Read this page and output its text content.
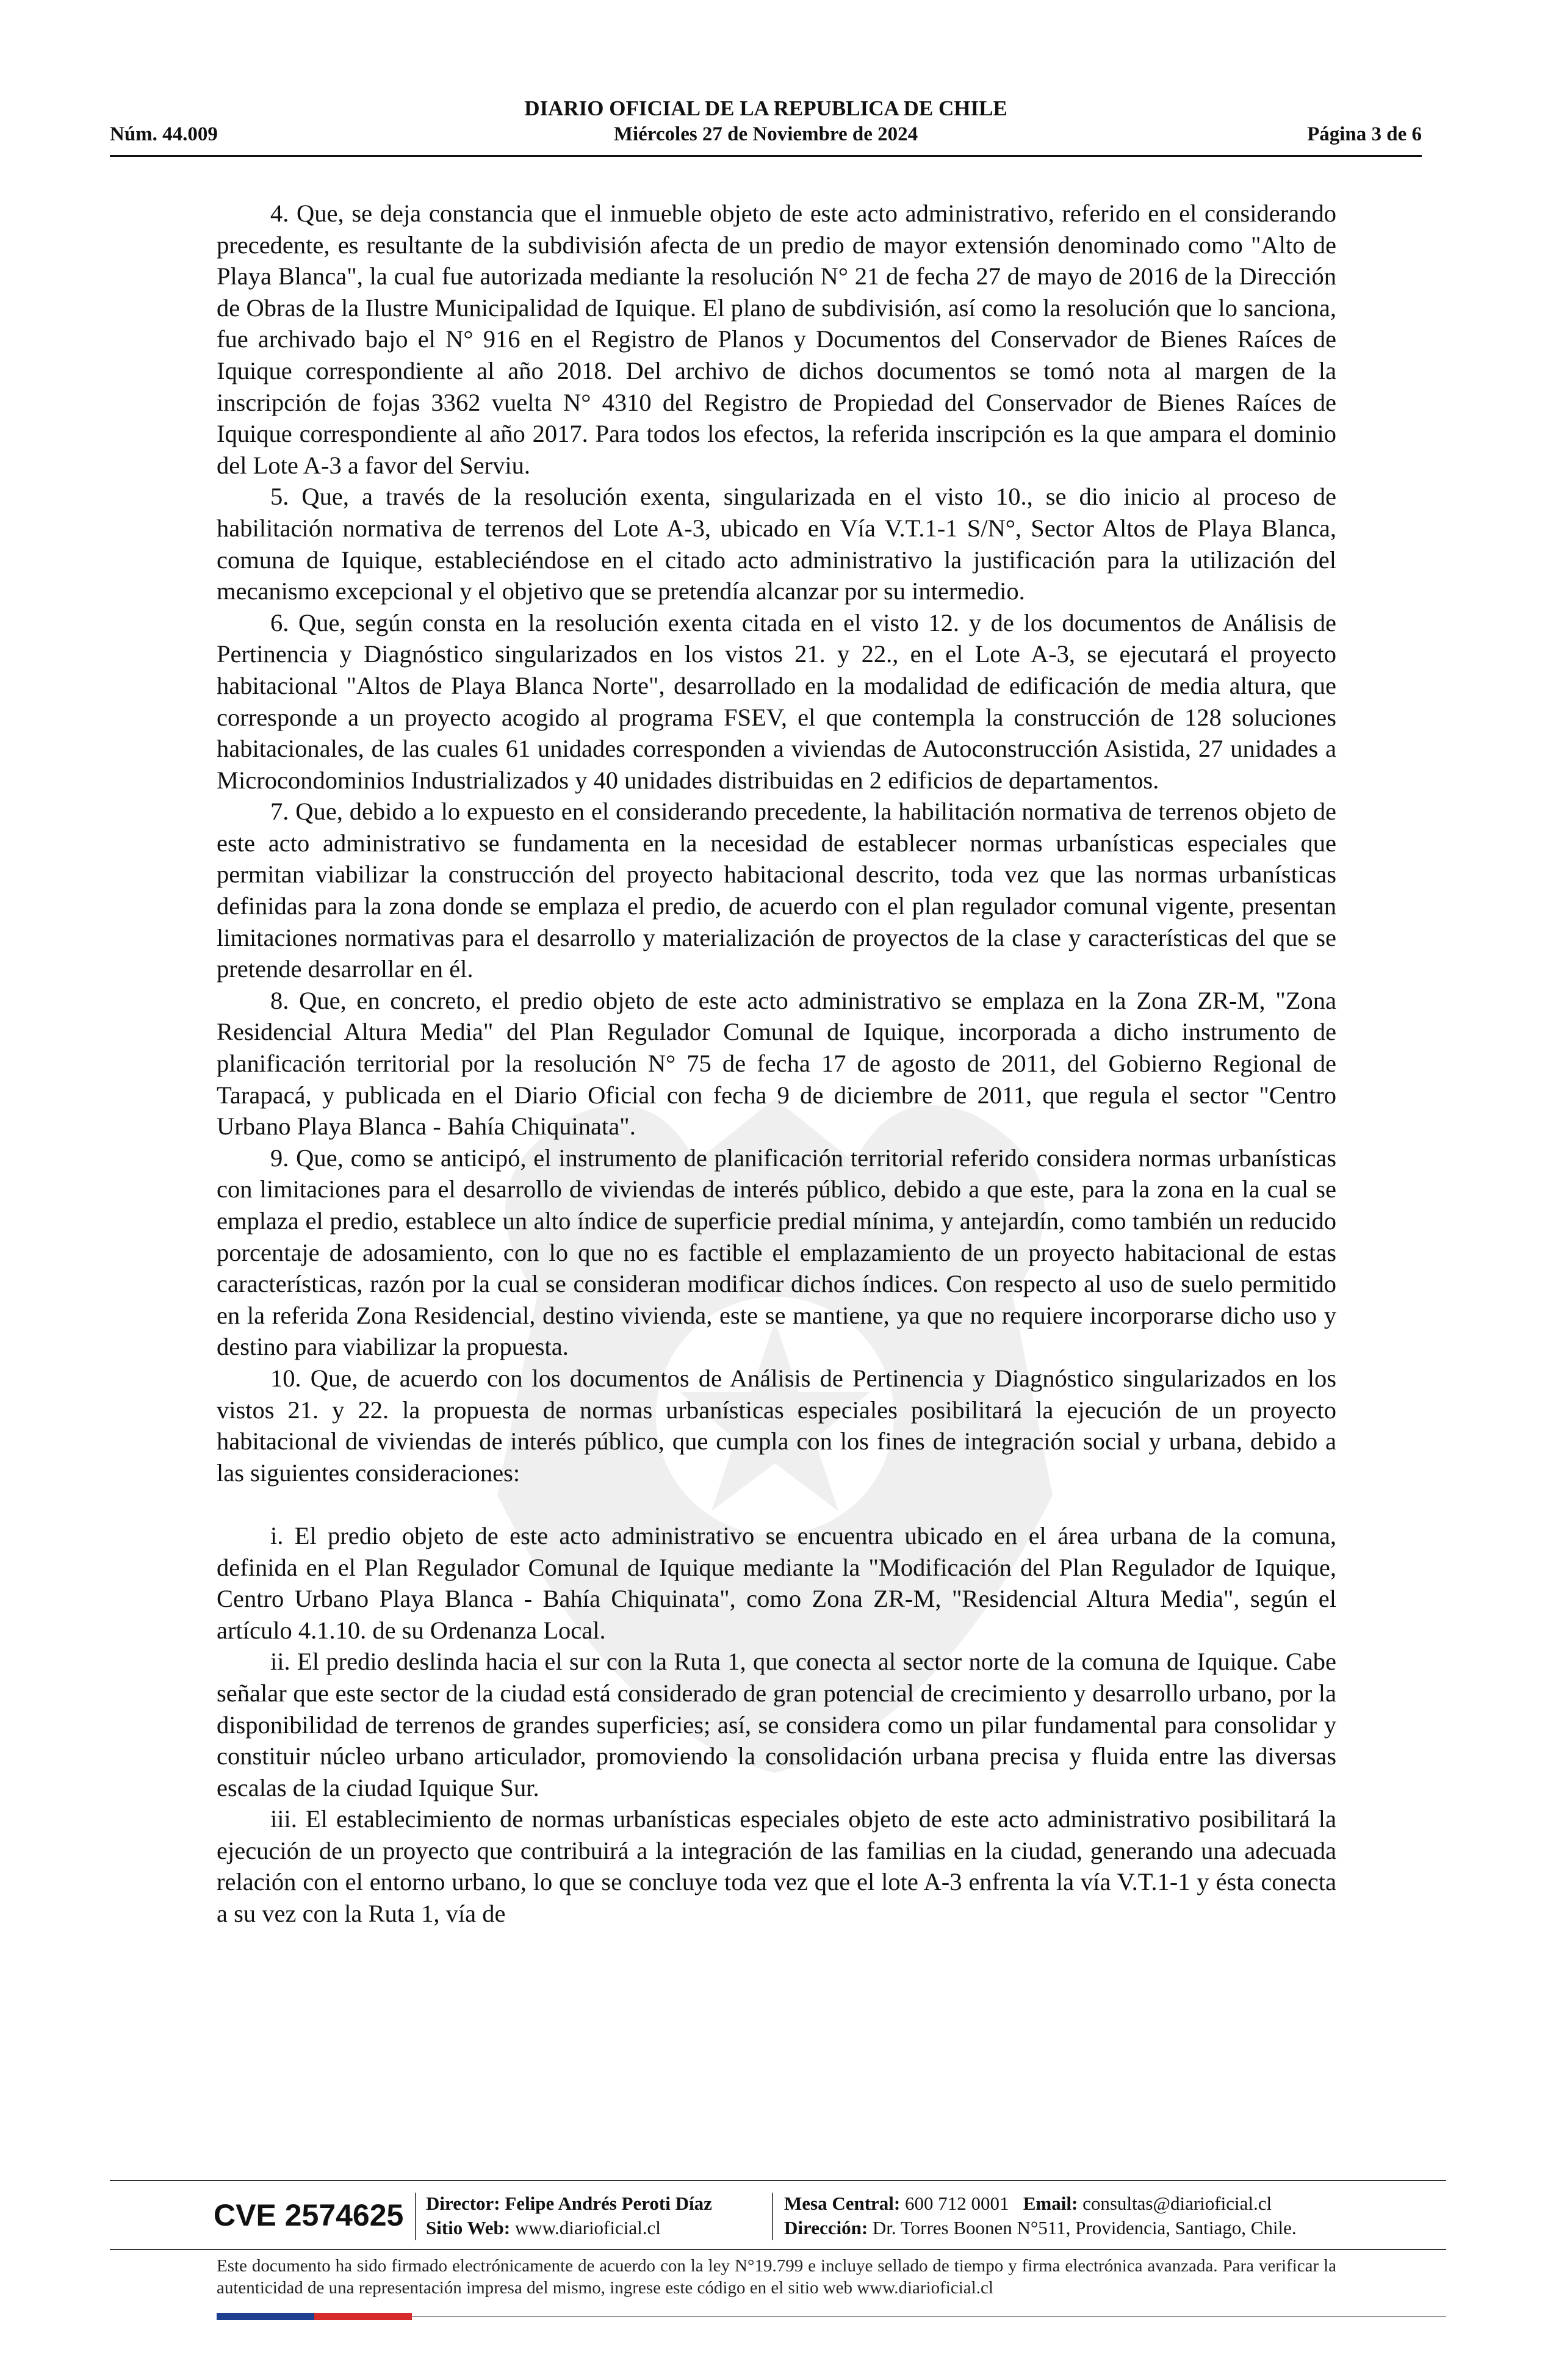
DIARIO OFICIAL DE LA REPUBLICA DE CHILE
Núm. 44.009	Miércoles 27 de Noviembre de 2024	Página 3 de 6

4. Que, se deja constancia que el inmueble objeto de este acto administrativo, referido en el considerando precedente, es resultante de la subdivisión afecta de un predio de mayor extensión denominado como "Alto de Playa Blanca", la cual fue autorizada mediante la resolución N° 21 de fecha 27 de mayo de 2016 de la Dirección de Obras de la Ilustre Municipalidad de Iquique. El plano de subdivisión, así como la resolución que lo sanciona, fue archivado bajo el N° 916 en el Registro de Planos y Documentos del Conservador de Bienes Raíces de Iquique correspondiente al año 2018. Del archivo de dichos documentos se tomó nota al margen de la inscripción de fojas 3362 vuelta N° 4310 del Registro de Propiedad del Conservador de Bienes Raíces de Iquique correspondiente al año 2017. Para todos los efectos, la referida inscripción es la que ampara el dominio del Lote A-3 a favor del Serviu.

5. Que, a través de la resolución exenta, singularizada en el visto 10., se dio inicio al proceso de habilitación normativa de terrenos del Lote A-3, ubicado en Vía V.T.1-1 S/N°, Sector Altos de Playa Blanca, comuna de Iquique, estableciéndose en el citado acto administrativo la justificación para la utilización del mecanismo excepcional y el objetivo que se pretendía alcanzar por su intermedio.

6. Que, según consta en la resolución exenta citada en el visto 12. y de los documentos de Análisis de Pertinencia y Diagnóstico singularizados en los vistos 21. y 22., en el Lote A-3, se ejecutará el proyecto habitacional "Altos de Playa Blanca Norte", desarrollado en la modalidad de edificación de media altura, que corresponde a un proyecto acogido al programa FSEV, el que contempla la construcción de 128 soluciones habitacionales, de las cuales 61 unidades corresponden a viviendas de Autoconstrucción Asistida, 27 unidades a Microcondominios Industrializados y 40 unidades distribuidas en 2 edificios de departamentos.

7. Que, debido a lo expuesto en el considerando precedente, la habilitación normativa de terrenos objeto de este acto administrativo se fundamenta en la necesidad de establecer normas urbanísticas especiales que permitan viabilizar la construcción del proyecto habitacional descrito, toda vez que las normas urbanísticas definidas para la zona donde se emplaza el predio, de acuerdo con el plan regulador comunal vigente, presentan limitaciones normativas para el desarrollo y materialización de proyectos de la clase y características del que se pretende desarrollar en él.

8. Que, en concreto, el predio objeto de este acto administrativo se emplaza en la Zona ZR-M, "Zona Residencial Altura Media" del Plan Regulador Comunal de Iquique, incorporada a dicho instrumento de planificación territorial por la resolución N° 75 de fecha 17 de agosto de 2011, del Gobierno Regional de Tarapacá, y publicada en el Diario Oficial con fecha 9 de diciembre de 2011, que regula el sector "Centro Urbano Playa Blanca - Bahía Chiquinata".

9. Que, como se anticipó, el instrumento de planificación territorial referido considera normas urbanísticas con limitaciones para el desarrollo de viviendas de interés público, debido a que este, para la zona en la cual se emplaza el predio, establece un alto índice de superficie predial mínima, y antejardín, como también un reducido porcentaje de adosamiento, con lo que no es factible el emplazamiento de un proyecto habitacional de estas características, razón por la cual se consideran modificar dichos índices. Con respecto al uso de suelo permitido en la referida Zona Residencial, destino vivienda, este se mantiene, ya que no requiere incorporarse dicho uso y destino para viabilizar la propuesta.

10. Que, de acuerdo con los documentos de Análisis de Pertinencia y Diagnóstico singularizados en los vistos 21. y 22. la propuesta de normas urbanísticas especiales posibilitará la ejecución de un proyecto habitacional de viviendas de interés público, que cumpla con los fines de integración social y urbana, debido a las siguientes consideraciones:

i. El predio objeto de este acto administrativo se encuentra ubicado en el área urbana de la comuna, definida en el Plan Regulador Comunal de Iquique mediante la "Modificación del Plan Regulador de Iquique, Centro Urbano Playa Blanca - Bahía Chiquinata", como Zona ZR-M, "Residencial Altura Media", según el artículo 4.1.10. de su Ordenanza Local.

ii. El predio deslinda hacia el sur con la Ruta 1, que conecta al sector norte de la comuna de Iquique. Cabe señalar que este sector de la ciudad está considerado de gran potencial de crecimiento y desarrollo urbano, por la disponibilidad de terrenos de grandes superficies; así, se considera como un pilar fundamental para consolidar y constituir núcleo urbano articulador, promoviendo la consolidación urbana precisa y fluida entre las diversas escalas de la ciudad Iquique Sur.

iii. El establecimiento de normas urbanísticas especiales objeto de este acto administrativo posibilitará la ejecución de un proyecto que contribuirá a la integración de las familias en la ciudad, generando una adecuada relación con el entorno urbano, lo que se concluye toda vez que el lote A-3 enfrenta la vía V.T.1-1 y ésta conecta a su vez con la Ruta 1, vía de

CVE 2574625 Director: Felipe Andrés Peroti Díaz
Sitio Web: www.diarioficial.cl
Mesa Central: 600 712 0001 Email: consultas@diarioficial.cl
Dirección: Dr. Torres Boonen N°511, Providencia, Santiago, Chile.
Este documento ha sido firmado electrónicamente de acuerdo con la ley N°19.799 e incluye sellado de tiempo y firma electrónica avanzada. Para verificar la autenticidad de una representación impresa del mismo, ingrese este código en el sitio web www.diarioficial.cl
